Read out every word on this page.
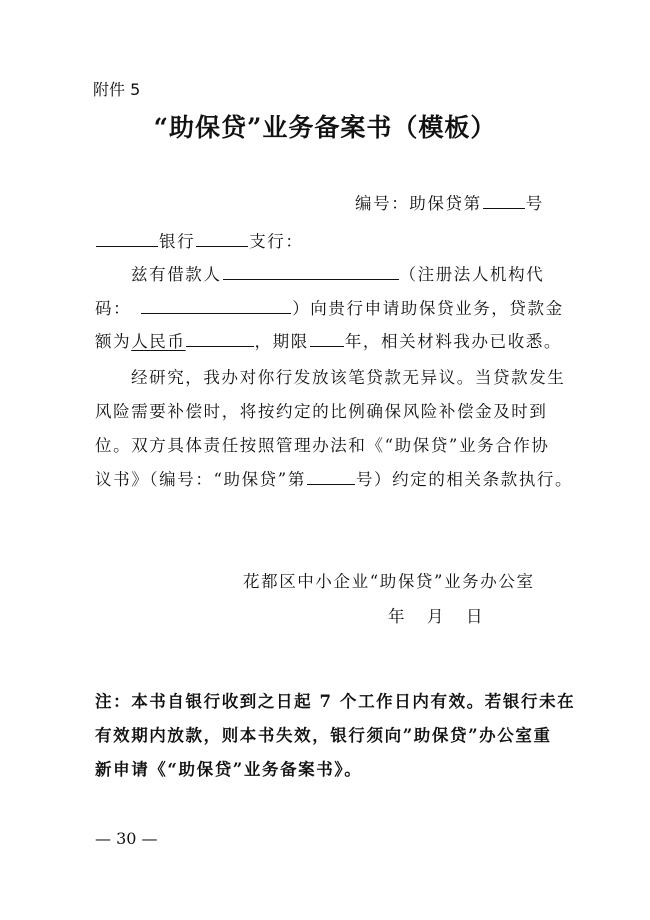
附件 5
“助保贷”业务备案书（模板）
编号：助保贷第	号
银行	支行：
兹有借款人	（注册法人机构代
码：	）向贵行申请助保贷业务，贷款金
额为人民币	，期限 年，相关材料我办已收悉。
经研究，我办对你行发放该笔贷款无异议。当贷款发生
风险需要补偿时，将按约定的比例确保风险补偿金及时到
位。双方具体责任按照管理办法和《“助保贷”业务合作协
议书》（编号：“助保贷”第	号）约定的相关条款执行。
花都区中小企业“助保贷”业务办公室
年　月　日
注：本书自银行收到之日起 7 个工作日内有效。若银行未在
有效期内放款，则本书失效，银行须向”助保贷”办公室重
新申请《“助保贷”业务备案书》。
— 30 —
